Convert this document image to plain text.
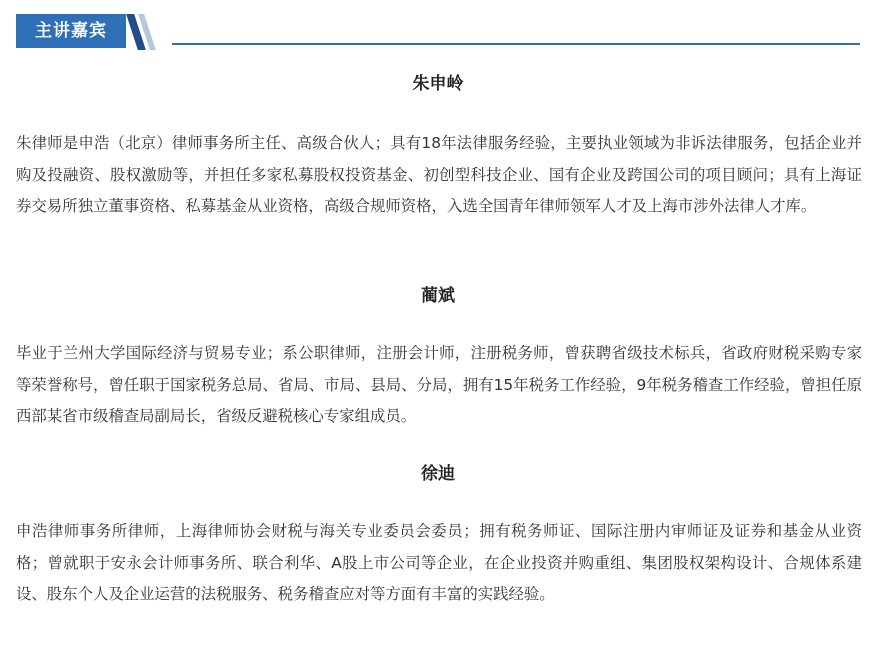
主讲嘉宾
朱申岭

朱律师是申浩（北京）律师事务所主任、高级合伙人；具有18年法律服务经验，主要执业领域为非诉法律服务，包括企业并购及投融资、股权激励等，并担任多家私募股权投资基金、初创型科技企业、国有企业及跨国公司的项目顾问；具有上海证券交易所独立董事资格、私募基金从业资格，高级合规师资格，入选全国青年律师领军人才及上海市涉外法律人才库。

蔺斌

毕业于兰州大学国际经济与贸易专业；系公职律师，注册会计师，注册税务师，曾获聘省级技术标兵，省政府财税采购专家等荣誉称号，曾任职于国家税务总局、省局、市局、县局、分局，拥有15年税务工作经验，9年税务稽查工作经验，曾担任原西部某省市级稽查局副局长，省级反避税核心专家组成员。

徐迪

申浩律师事务所律师，上海律师协会财税与海关专业委员会委员；拥有税务师证、国际注册内审师证及证券和基金从业资格；曾就职于安永会计师事务所、联合利华、A股上市公司等企业，在企业投资并购重组、集团股权架构设计、合规体系建设、股东个人及企业运营的法税服务、税务稽查应对等方面有丰富的实践经验。
